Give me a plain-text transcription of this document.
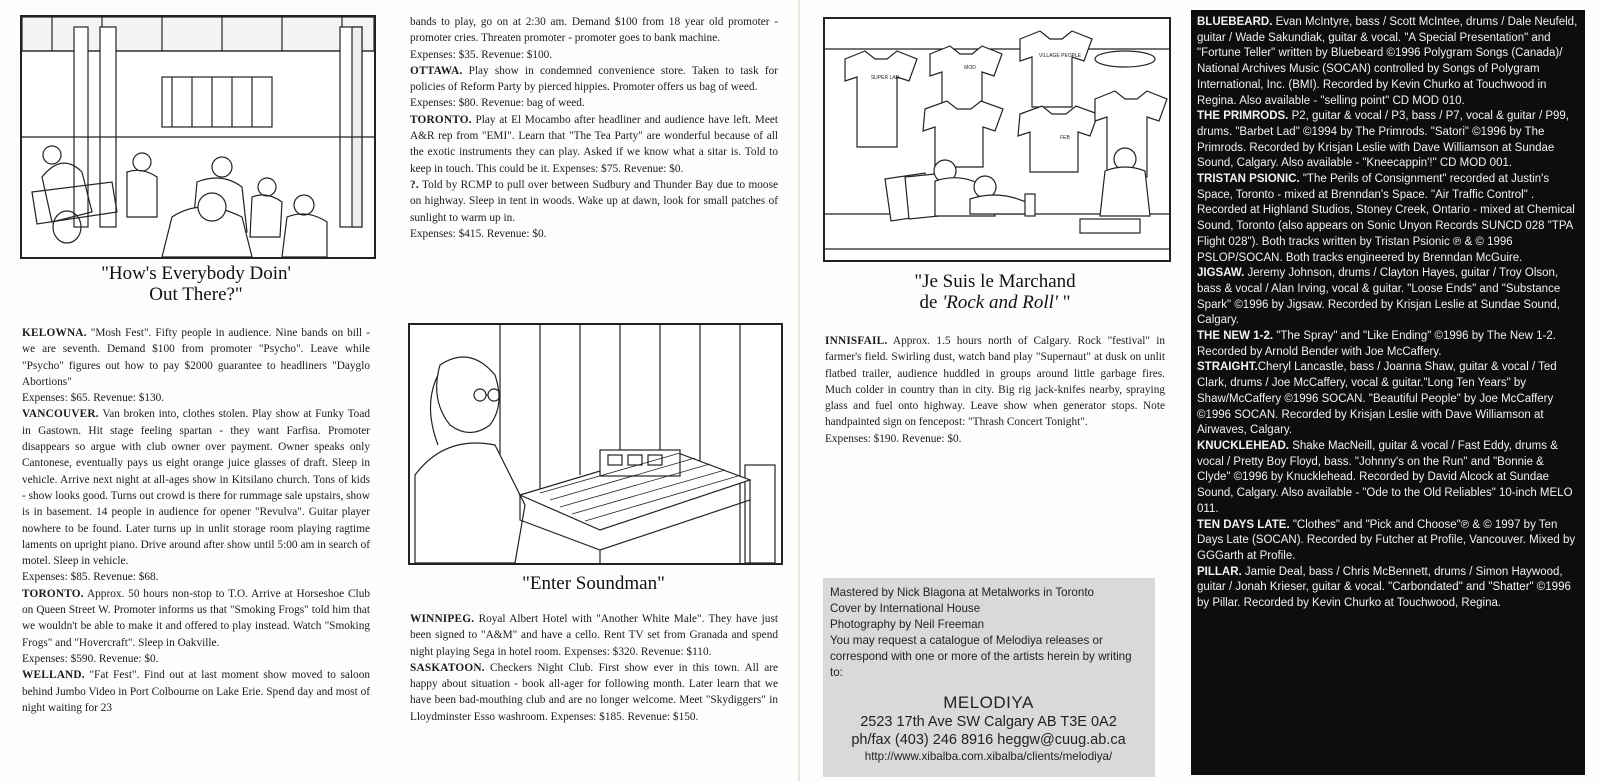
"How's Everybody Doin'
Out There?"

KELOWNA. "Mosh Fest". Fifty people in audience. Nine bands on bill - we are seventh. Demand $100 from promoter "Psycho". Leave while "Psycho" figures out how to pay $2000 guarantee to headliners "Dayglo Abortions"
Expenses: $65. Revenue: $130.

VANCOUVER. Van broken into, clothes stolen. Play show at Funky Toad in Gastown. Hit stage feeling spartan - they want Farfisa. Promoter disappears so argue with club owner over payment. Owner speaks only Cantonese, eventually pays us eight orange juice glasses of draft. Sleep in vehicle. Arrive next night at all-ages show in Kitsilano church. Tons of kids - show looks good. Turns out crowd is there for rummage sale upstairs, show is in basement. 14 people in audience for opener "Revulva". Guitar player nowhere to be found. Later turns up in unlit storage room playing ragtime laments on upright piano. Drive around after show until 5:00 am in search of motel. Sleep in vehicle.
Expenses: $85. Revenue: $68.

TORONTO. Approx. 50 hours non-stop to T.O. Arrive at Horseshoe Club on Queen Street W. Promoter informs us that "Smoking Frogs" told him that we wouldn't be able to make it and offered to play instead. Watch "Smoking Frogs" and "Hovercraft". Sleep in Oakville.
Expenses: $590. Revenue: $0.

WELLAND. "Fat Fest". Find out at last moment show moved to saloon behind Jumbo Video in Port Colbourne on Lake Erie. Spend day and most of night waiting for 23

bands to play, go on at 2:30 am. Demand $100 from 18 year old promoter - promoter cries. Threaten promoter - promoter goes to bank machine.
Expenses: $35. Revenue: $100.

OTTAWA. Play show in condemned convenience store. Taken to task for policies of Reform Party by pierced hippies. Promoter offers us bag of weed.
Expenses: $80. Revenue: bag of weed.

TORONTO. Play at El Mocambo after headliner and audience have left. Meet A&R rep from "EMI". Learn that "The Tea Party" are wonderful because of all the exotic instruments they can play. Asked if we know what a sitar is. Told to keep in touch. This could be it. Expenses: $75. Revenue: $0.

?. Told by RCMP to pull over between Sudbury and Thunder Bay due to moose on highway. Sleep in tent in woods. Wake up at dawn, look for small patches of sunlight to warm up in.
Expenses: $415. Revenue: $0.

"Enter Soundman"

WINNIPEG. Royal Albert Hotel with "Another White Male". They have just been signed to "A&M" and have a cello. Rent TV set from Granada and spend night playing Sega in hotel room. Expenses: $320. Revenue: $110.

SASKATOON. Checkers Night Club. First show ever in this town. All are happy about situation - book all-ager for following month. Later learn that we have been bad-mouthing club and are no longer welcome. Meet "Skydiggers" in Lloydminster Esso washroom. Expenses: $185. Revenue: $150.

SUPER LAD
MOD
VILLAGE PEOPLE
FEB
"Je Suis le Marchand
de 'Rock and Roll' "

INNISFAIL. Approx. 1.5 hours north of Calgary. Rock "festival" in farmer's field. Swirling dust, watch band play "Supernaut" at dusk on unlit flatbed trailer, audience huddled in groups around little garbage fires. Much colder in country than in city. Big rig jack-knifes nearby, spraying glass and fuel onto highway. Leave show when generator stops. Note handpainted sign on fencepost: "Thrash Concert Tonight".
Expenses: $190. Revenue: $0.

Mastered by Nick Blagona at Metalworks in Toronto
Cover by International House
Photography by Neil Freeman
You may request a catalogue of Melodiya releases or correspond with one or more of the artists herein by writing to:
MELODIYA
2523 17th Ave SW Calgary AB T3E 0A2
ph/fax (403) 246 8916 heggw@cuug.ab.ca
http://www.xibalba.com.xibalba/clients/melodiya/

BLUEBEARD. Evan McIntyre, bass / Scott McIntee, drums / Dale Neufeld, guitar / Wade Sakundiak, guitar & vocal. "A Special Presentation" and "Fortune Teller" written by Bluebeard ©1996 Polygram Songs (Canada)/ National Archives Music (SOCAN) controlled by Songs of Polygram International, Inc. (BMI). Recorded by Kevin Churko at Touchwood in Regina. Also available - "selling point" CD MOD 010.

THE PRIMRODS. P2, guitar & vocal / P3, bass / P7, vocal & guitar / P99, drums. "Barbet Lad" ©1994 by The Primrods. "Satori" ©1996 by The Primrods. Recorded by Krisjan Leslie with Dave Williamson at Sundae Sound, Calgary. Also available - "Kneecappin'!" CD MOD 001.

TRISTAN PSIONIC. "The Perils of Consignment" recorded at Justin's Space, Toronto - mixed at Brenndan's Space. "Air Traffic Control" . Recorded at Highland Studios, Stoney Creek, Ontario - mixed at Chemical Sound, Toronto (also appears on Sonic Unyon Records SUNCD 028 "TPA Flight 028"). Both tracks written by Tristan Psionic ℗ & © 1996 PSLOP/SOCAN. Both tracks engineered by Brenndan McGuire.

JIGSAW. Jeremy Johnson, drums / Clayton Hayes, guitar / Troy Olson, bass & vocal / Alan Irving, vocal & guitar. "Loose Ends" and "Substance Spark" ©1996 by Jigsaw. Recorded by Krisjan Leslie at Sundae Sound, Calgary.

THE NEW 1-2. "The Spray" and "Like Ending" ©1996 by The New 1-2. Recorded by Arnold Bender with Joe McCaffery.

STRAIGHT.Cheryl Lancastle, bass / Joanna Shaw, guitar & vocal / Ted Clark, drums / Joe McCaffery, vocal & guitar."Long Ten Years" by Shaw/McCaffery ©1996 SOCAN. "Beautiful People" by Joe McCaffery ©1996 SOCAN. Recorded by Krisjan Leslie with Dave Williamson at Airwaves, Calgary.

KNUCKLEHEAD. Shake MacNeill, guitar & vocal / Fast Eddy, drums & vocal / Pretty Boy Floyd, bass. "Johnny's on the Run" and "Bonnie & Clyde" ©1996 by Knucklehead. Recorded by David Alcock at Sundae Sound, Calgary. Also available - "Ode to the Old Reliables" 10-inch MELO 011.

TEN DAYS LATE. "Clothes" and "Pick and Choose"℗ & © 1997 by Ten Days Late (SOCAN). Recorded by Futcher at Profile, Vancouver. Mixed by GGGarth at Profile.

PILLAR. Jamie Deal, bass / Chris McBennett, drums / Simon Haywood, guitar / Jonah Krieser, guitar & vocal. "Carbondated" and "Shatter" ©1996 by Pillar. Recorded by Kevin Churko at Touchwood, Regina.
